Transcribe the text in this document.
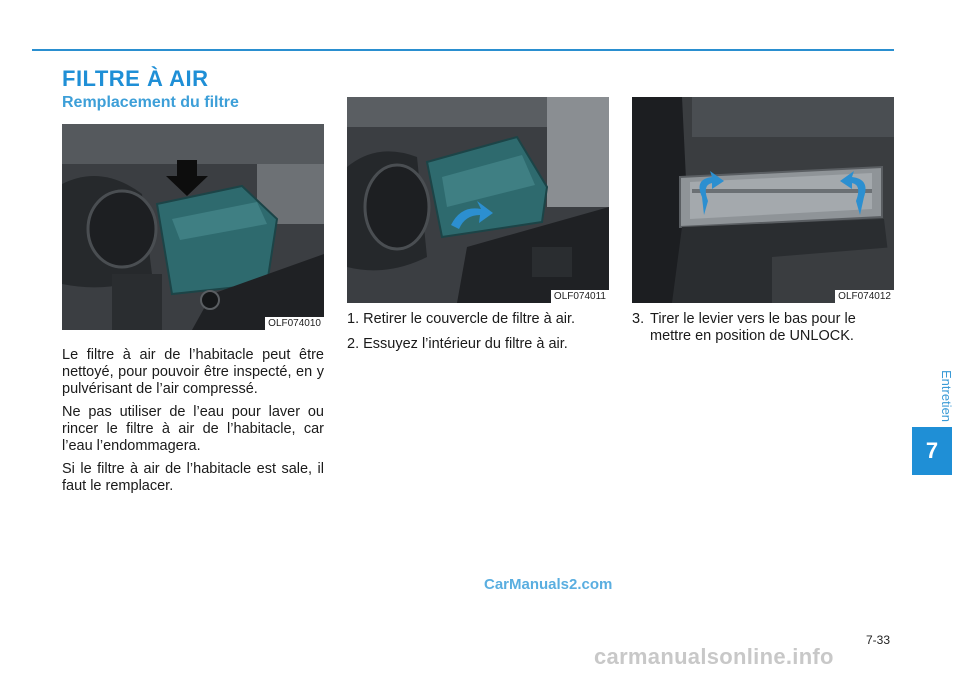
FILTRE À AIR
Remplacement du filtre
OLF074010
OLF074011	OLF074012

Le filtre à air de l’habitacle peut être nettoyé, pour pouvoir être inspecté, en y pulvérisant de l’air compressé.

Ne pas utiliser de l’eau pour laver ou rincer le filtre à air de l’habitacle, car l’eau l’endommagera.

Si le filtre à air de l’habitacle est sale, il faut le remplacer.

1. Retirer le couvercle de filtre à air.
2. Essuyez l’intérieur du filtre à air.

3. Tirer le levier vers le bas pour le
mettre en position de UNLOCK.

Entretien
7
CarManuals2.com
7-33
carmanualsonline.info
